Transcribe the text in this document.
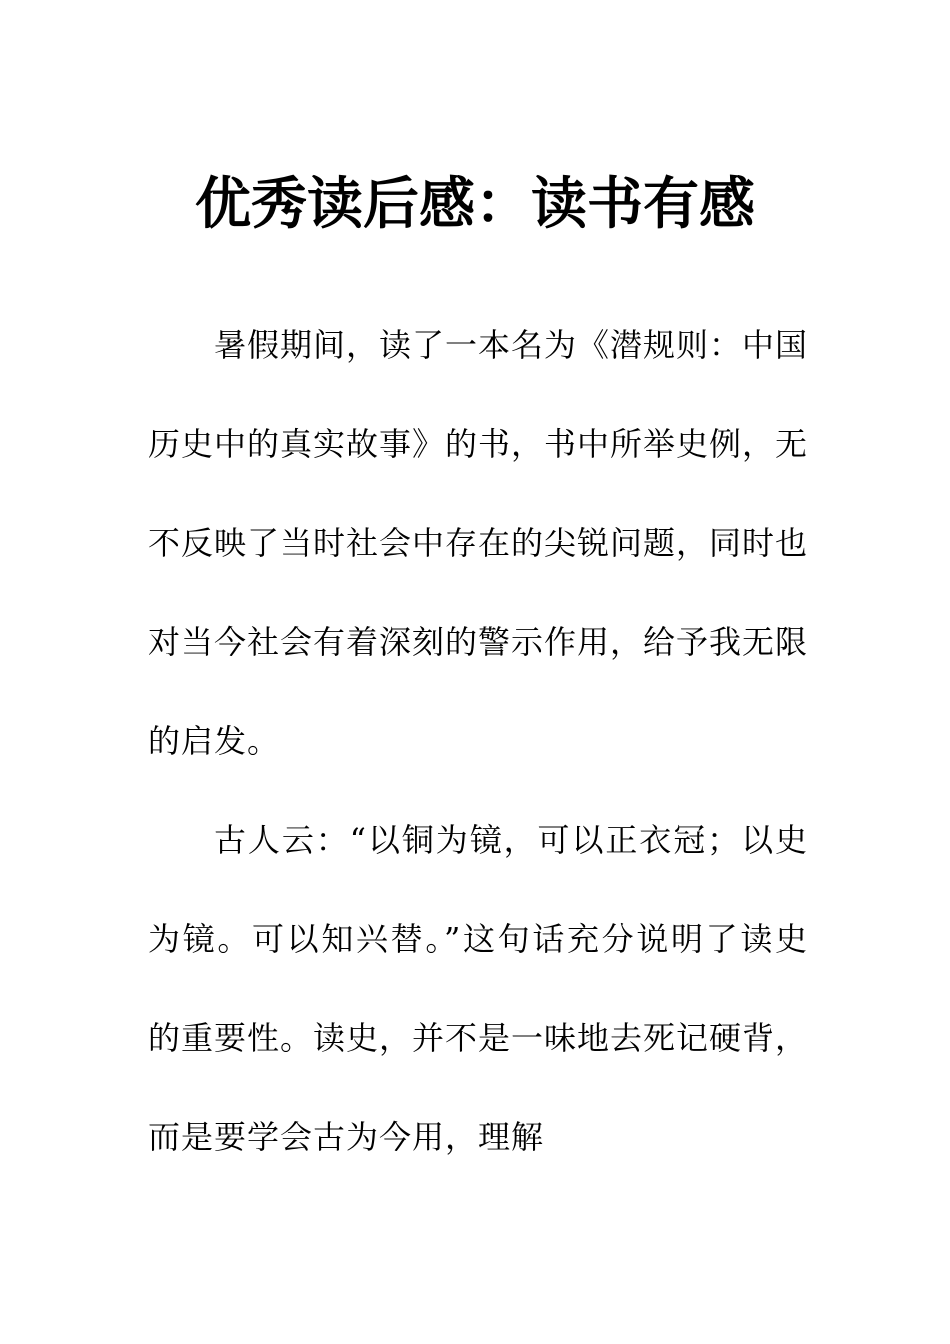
优秀读后感：读书有感

暑假期间，读了一本名为《潜规则：中国历史中的真实故事》的书，书中所举史例，无不反映了当时社会中存在的尖锐问题，同时也对当今社会有着深刻的警示作用，给予我无限的启发。

古人云：“以铜为镜，可以正衣冠；以史为镜。可以知兴替。”这句话充分说明了读史的重要性。读史，并不是一味地去死记硬背，而是要学会古为今用，理解
